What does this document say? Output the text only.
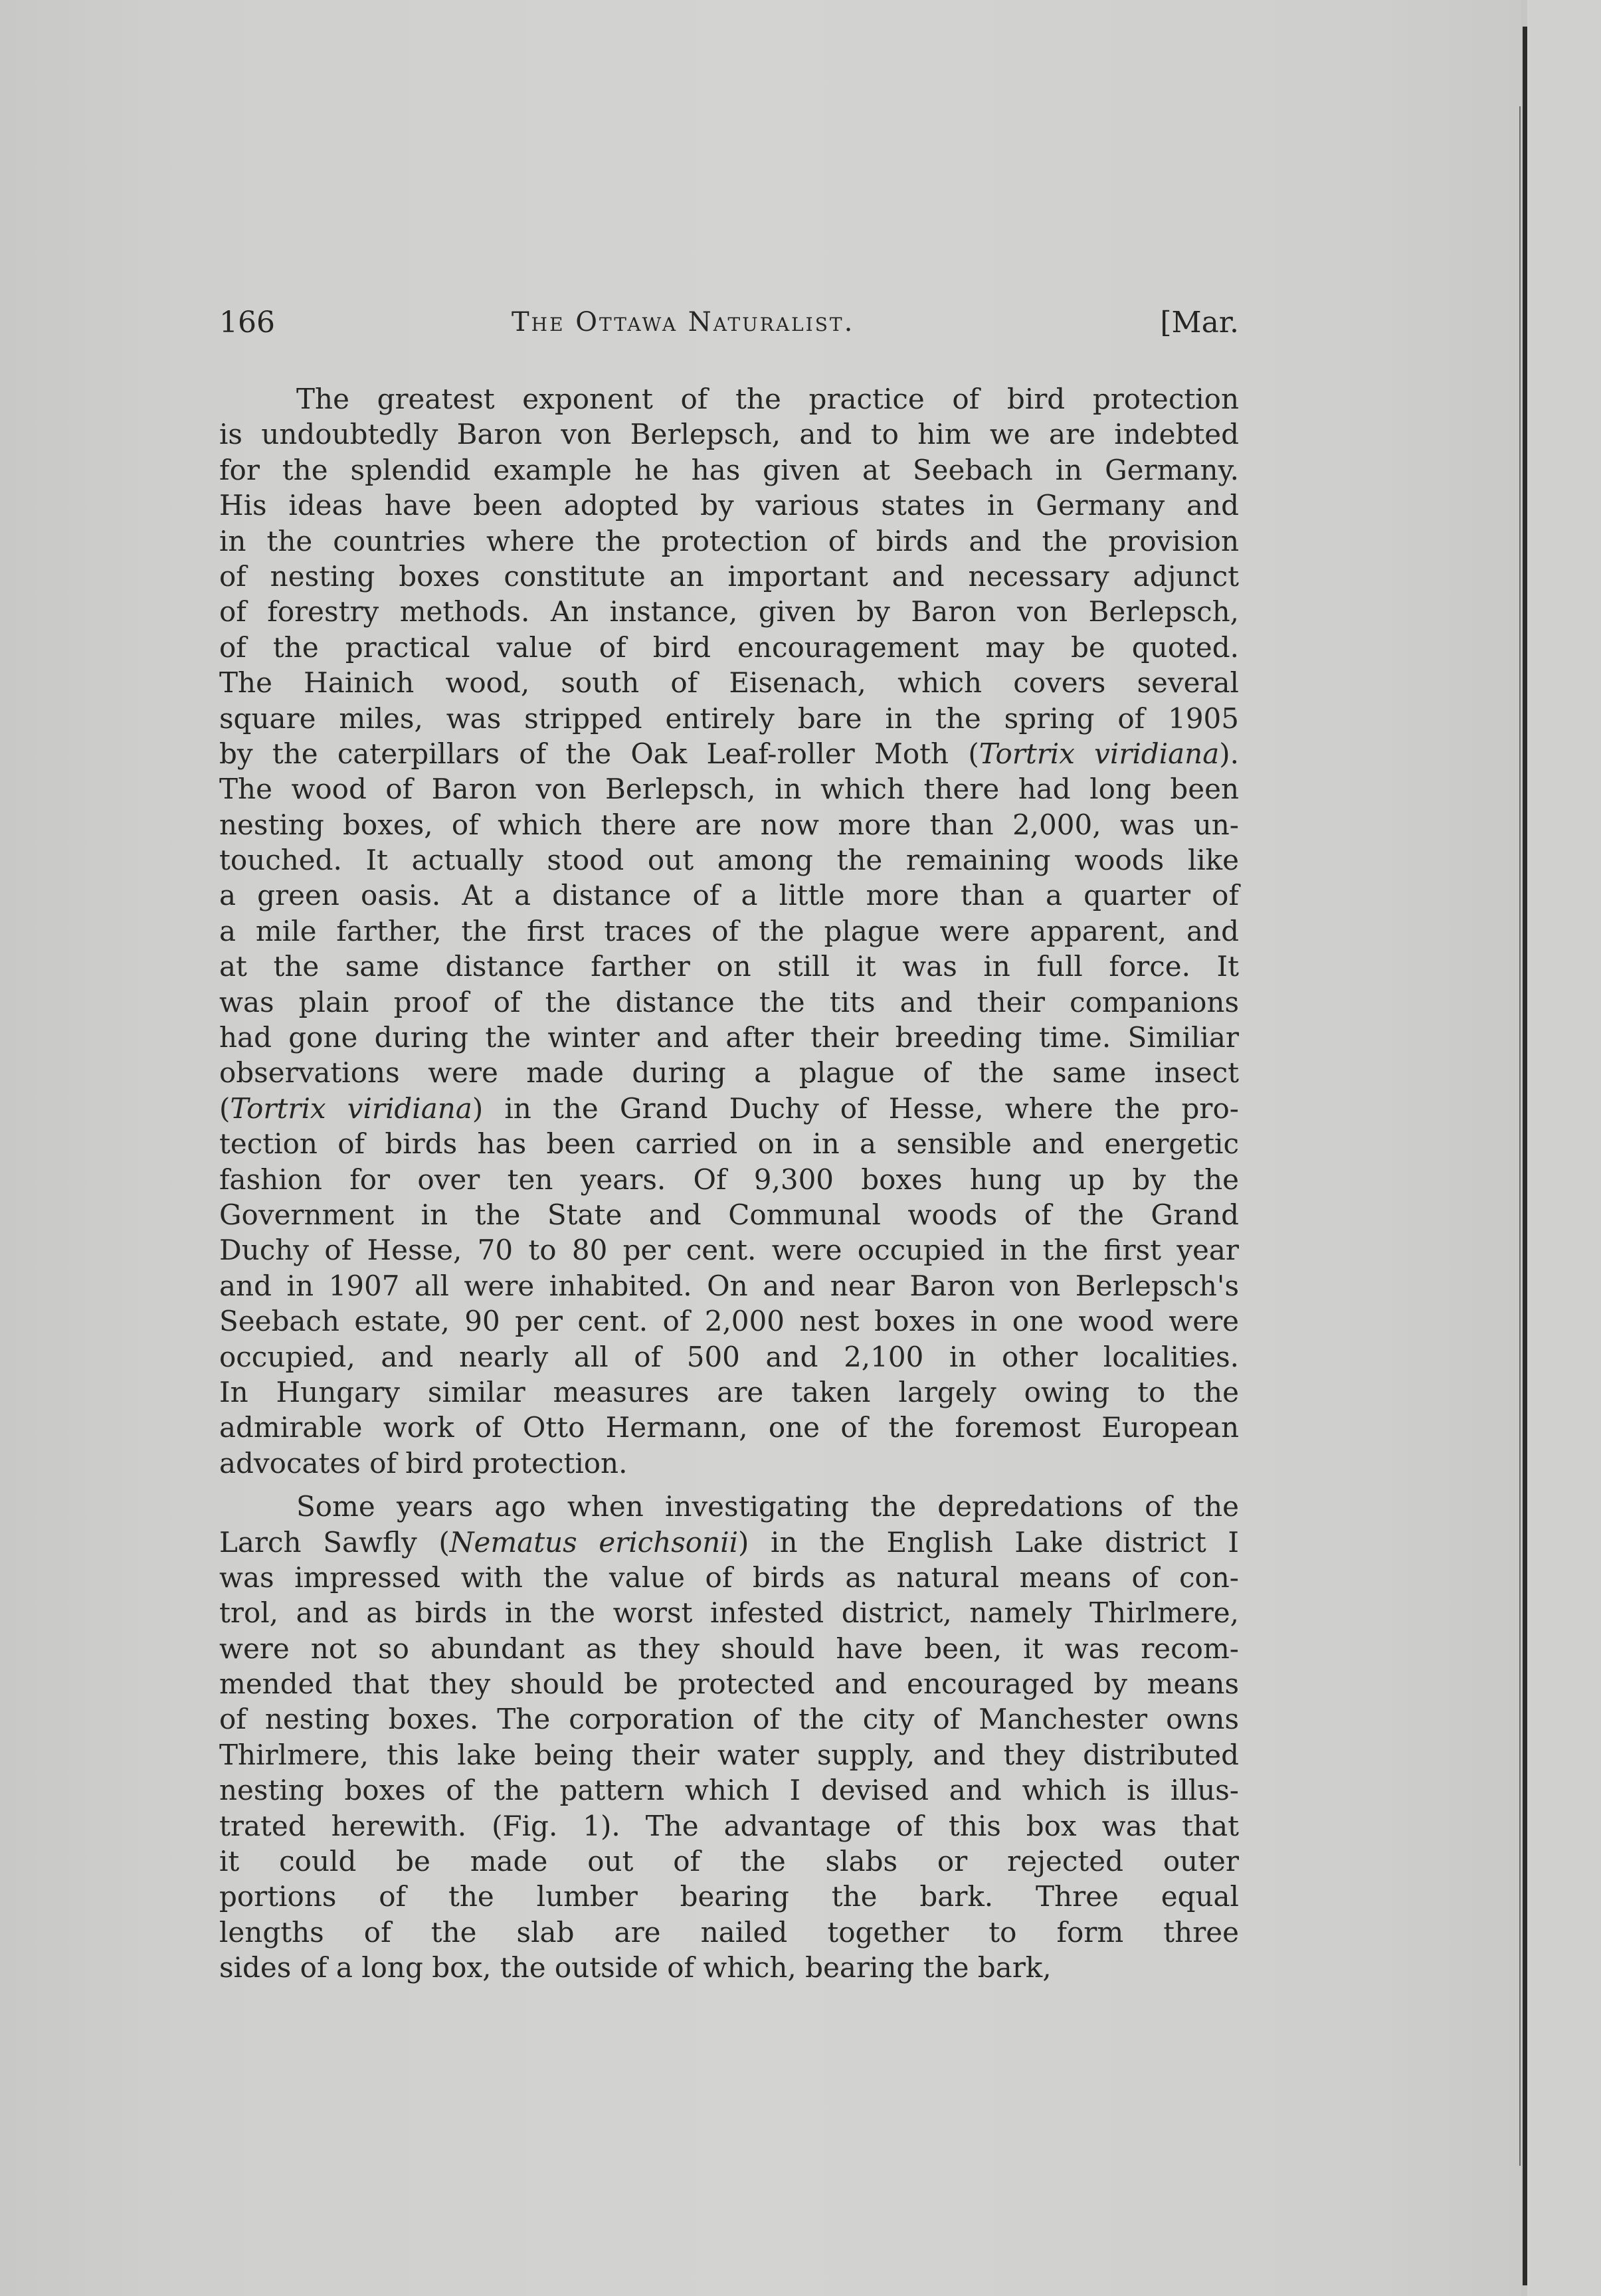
166	The Ottawa Naturalist.	[Mar.
The greatest exponent of the practice of bird protection
is undoubtedly Baron von Berlepsch, and to him we are indebted
for the splendid example he has given at Seebach in Germany.
His ideas have been adopted by various states in Germany and
in the countries where the protection of birds and the provision
of nesting boxes constitute an important and necessary adjunct
of forestry methods. An instance, given by Baron von Berlepsch,
of the practical value of bird encouragement may be quoted.
The Hainich wood, south of Eisenach, which covers several
square miles, was stripped entirely bare in the spring of 1905
by the caterpillars of the Oak Leaf-roller Moth (Tortrix viridiana).
The wood of Baron von Berlepsch, in which there had long been
nesting boxes, of which there are now more than 2,000, was un-
touched. It actually stood out among the remaining woods like
a green oasis. At a distance of a little more than a quarter of
a mile farther, the first traces of the plague were apparent, and
at the same distance farther on still it was in full force. It
was plain proof of the distance the tits and their companions
had gone during the winter and after their breeding time. Similiar
observations were made during a plague of the same insect
(Tortrix viridiana) in the Grand Duchy of Hesse, where the pro-
tection of birds has been carried on in a sensible and energetic
fashion for over ten years. Of 9,300 boxes hung up by the
Government in the State and Communal woods of the Grand
Duchy of Hesse, 70 to 80 per cent. were occupied in the first year
and in 1907 all were inhabited. On and near Baron von Berlepsch's
Seebach estate, 90 per cent. of 2,000 nest boxes in one wood were
occupied, and nearly all of 500 and 2,100 in other localities.
In Hungary similar measures are taken largely owing to the
admirable work of Otto Hermann, one of the foremost European
advocates of bird protection.
Some years ago when investigating the depredations of the
Larch Sawfly (Nematus erichsonii) in the English Lake district I
was impressed with the value of birds as natural means of con-
trol, and as birds in the worst infested district, namely Thirlmere,
were not so abundant as they should have been, it was recom-
mended that they should be protected and encouraged by means
of nesting boxes. The corporation of the city of Manchester owns
Thirlmere, this lake being their water supply, and they distributed
nesting boxes of the pattern which I devised and which is illus-
trated herewith. (Fig. 1). The advantage of this box was that
it could be made out of the slabs or rejected outer
portions of the lumber bearing the bark. Three equal
lengths of the slab are nailed together to form three
sides of a long box, the outside of which, bearing the bark,
